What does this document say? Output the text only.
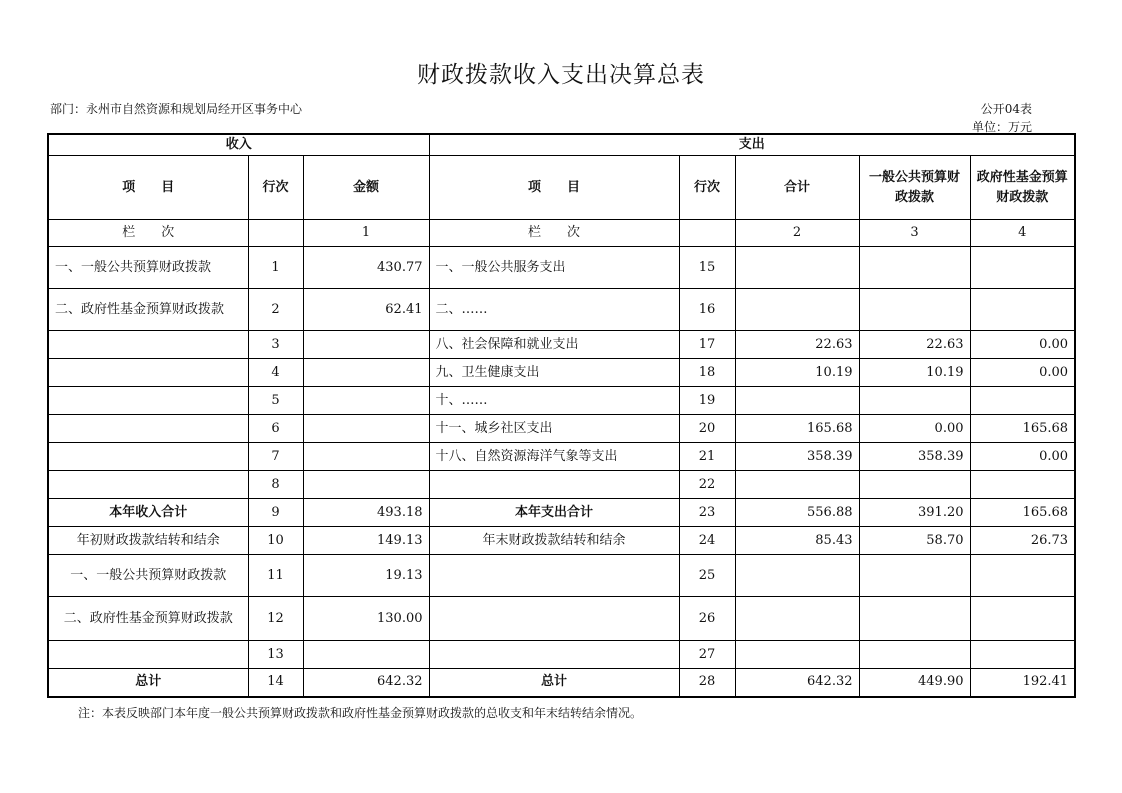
财政拨款收入支出决算总表
部门：永州市自然资源和规划局经开区事务中心	公开04表
单位：万元
收入			支出				
项　　目	行次	金额	项　　目	行次	合计	一般公共预算财政拨款	政府性基金预算财政拨款
栏　　次		1	栏　　次		2	3	4
一、一般公共预算财政拨款	1	430.77	一、一般公共服务支出	15			
二、政府性基金预算财政拨款	2	62.41	二、……	16			
	3		八、社会保障和就业支出	17	22.63	22.63	0.00
	4		九、卫生健康支出	18	10.19	10.19	0.00
	5		十、……	19			
	6		十一、城乡社区支出	20	165.68	0.00	165.68
	7		十八、自然资源海洋气象等支出	21	358.39	358.39	0.00
	8			22			
本年收入合计	9	493.18	本年支出合计	23	556.88	391.20	165.68
年初财政拨款结转和结余	10	149.13	年末财政拨款结转和结余	24	85.43	58.70	26.73
一、一般公共预算财政拨款	11	19.13		25			
二、政府性基金预算财政拨款	12	130.00		26			
	13			27			
总计	14	642.32	总计	28	642.32	449.90	192.41
注：本表反映部门本年度一般公共预算财政拨款和政府性基金预算财政拨款的总收支和年末结转结余情况。
